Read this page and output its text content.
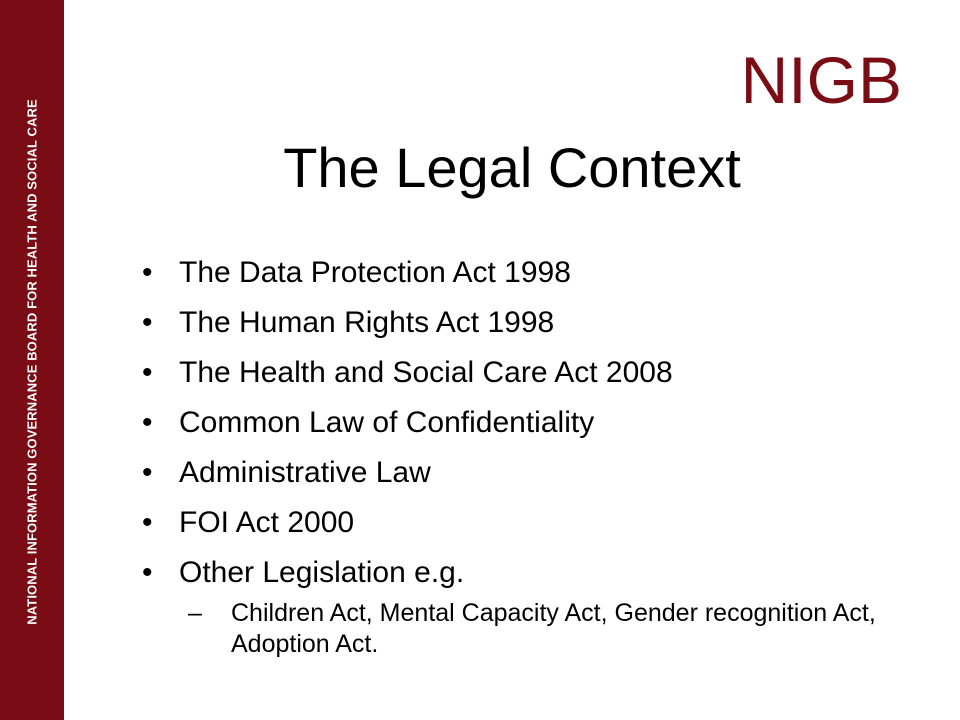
NATIONAL INFORMATION GOVERNANCE BOARD FOR HEALTH AND SOCIAL CARE
NIGB
The Legal Context
• The Data Protection Act 1998
• The Human Rights Act 1998
• The Health and Social Care Act 2008
• Common Law of Confidentiality
• Administrative Law
• FOI Act 2000
• Other Legislation e.g.
– Children Act, Mental Capacity Act, Gender recognition Act, Adoption Act.
